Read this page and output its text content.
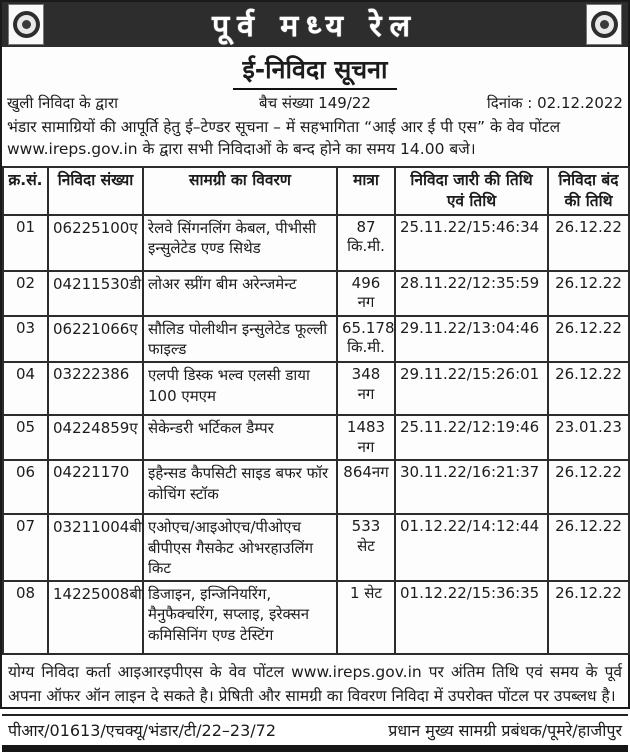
पूर्व मध्य रेल
ई-निविदा सूचना
खुली निविदा के द्वारा	बैच संख्या 149/22	दिनांक : 02.12.2022
भंडार सामाग्रियों की आपूर्ति हेतु ई–टेण्डर सूचना – में सहभागिता “आई आर ई पी एस” के वेव पोंटल www.ireps.gov.in के द्वारा सभी निविदाओं के बन्द होने का समय 14.00 बजे।
क्र.सं.	निविदा संख्या	सामग्री का विवरण	मात्रा	निविदा जारी की तिथि एवं तिथि	निविदा बंद की तिथि
01	06225100ए	रेलवे सिंगनलिंग केबल, पीभीसी इन्सुलेटेड एण्ड सिथेड	87 कि.मी.	25.11.22/15:46:34	26.12.22
02	04211530डी	लोअर स्प्रींग बीम अरेन्जमेन्ट	496 नग	28.11.22/12:35:59	26.12.22
03	06221066ए	सौलिड पोलीथीन इन्सुलेटेड फूल्ली फाइल्ड	65.178 कि.मी.	29.11.22/13:04:46	26.12.22
04	03222386	एलपी डिस्क भल्व एलसी डाया 100 एमएम	348 नग	29.11.22/15:26:01	26.12.22
05	04224859ए	सेकेन्डरी भर्टिकल डैम्पर	1483 नग	25.11.22/12:19:46	23.01.23
06	04221170	इहैन्सड कैपसिटी साइड बफर फॉर कोचिंग स्टॉक	864नग	30.11.22/16:21:37	26.12.22
07	03211004बी	एओएच/आइओएच/पीओएच बीपीएस गैसकेट ओभरहाउलिंग किट	533 सेट	01.12.22/14:12:44	26.12.22
08	14225008बी	डिजाइन, इन्जिनियरिंग, मैनुफैक्चरिंग, सप्लाइ, इरेक्सन कमिसिनिंग एण्ड टेस्टिंग	1 सेट	01.12.22/15:36:35	26.12.22
योग्य निविदा कर्ता आइआरइपीएस के वेव पोंटल www.ireps.gov.in पर अंतिम तिथि एवं समय के पूर्व अपना ऑफर ऑन लाइन दे सकते है। प्रेषिती और सामग्री का विवरण निविदा में उपरोक्त पोंटल पर उपब्लध है।
पीआर/01613/एचक्यू/भंडार/टी/22–23/72	प्रधान मुख्य सामग्री प्रबंधक/पूमरे/हाजीपुर
